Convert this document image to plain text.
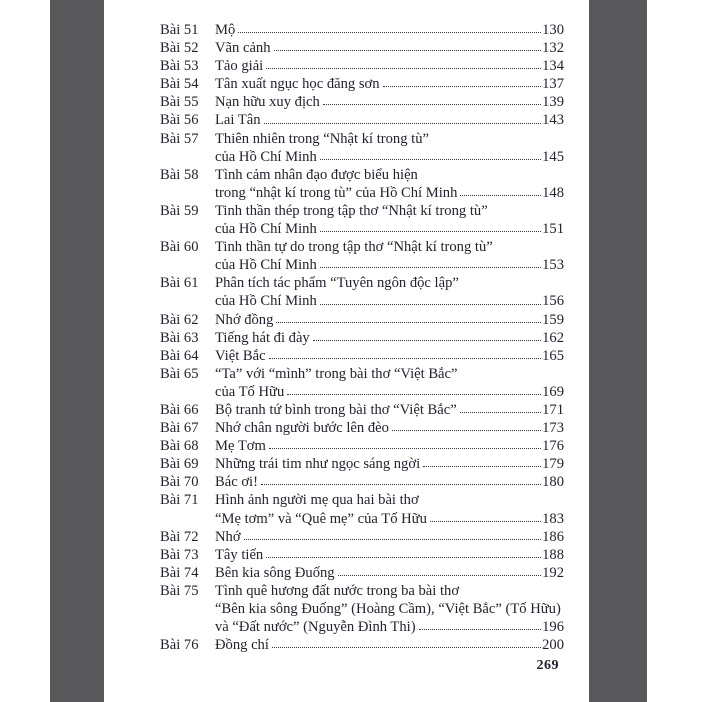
Bài 51	Mộ	130
Bài 52	Vãn cảnh	132
Bài 53	Tảo giải	134
Bài 54	Tân xuất ngục học đăng sơn	137
Bài 55	Nạn hữu xuy địch	139
Bài 56	Lai Tân	143
Bài 57	Thiên nhiên trong “Nhật kí trong tù”
của Hồ Chí Minh	145
Bài 58	Tình cảm nhân đạo được biểu hiện
trong “nhật kí trong tù” của Hồ Chí Minh	148
Bài 59	Tinh thần thép trong tập thơ “Nhật kí trong tù”
của Hồ Chí Minh	151
Bài 60	Tinh thần tự do trong tập thơ “Nhật kí trong tù”
của Hồ Chí Minh	153
Bài 61	Phân tích tác phẩm “Tuyên ngôn độc lập”
của Hồ Chí Minh	156
Bài 62	Nhớ đồng	159
Bài 63	Tiếng hát đi đày	162
Bài 64	Việt Bắc	165
Bài 65	“Ta” với “mình” trong bài thơ “Việt Bắc”
của Tố Hữu	169
Bài 66	Bộ tranh tứ bình trong bài thơ “Việt Bắc”	171
Bài 67	Nhớ chân người bước lên đèo	173
Bài 68	Mẹ Tơm	176
Bài 69	Những trái tim như ngọc sáng ngời	179
Bài 70	Bác ơi!	180
Bài 71	Hình ảnh người mẹ qua hai bài thơ
“Mẹ tơm” và “Quê mẹ” của Tố Hữu	183
Bài 72	Nhớ	186
Bài 73	Tây tiến	188
Bài 74	Bên kia sông Đuống	192
Bài 75	Tình quê hương đất nước trong ba bài thơ
“Bên kia sông Đuống” (Hoàng Cầm), “Việt Bắc” (Tố Hữu)
và “Đất nước” (Nguyễn Đình Thi)	196
Bài 76	Đồng chí	200
269
